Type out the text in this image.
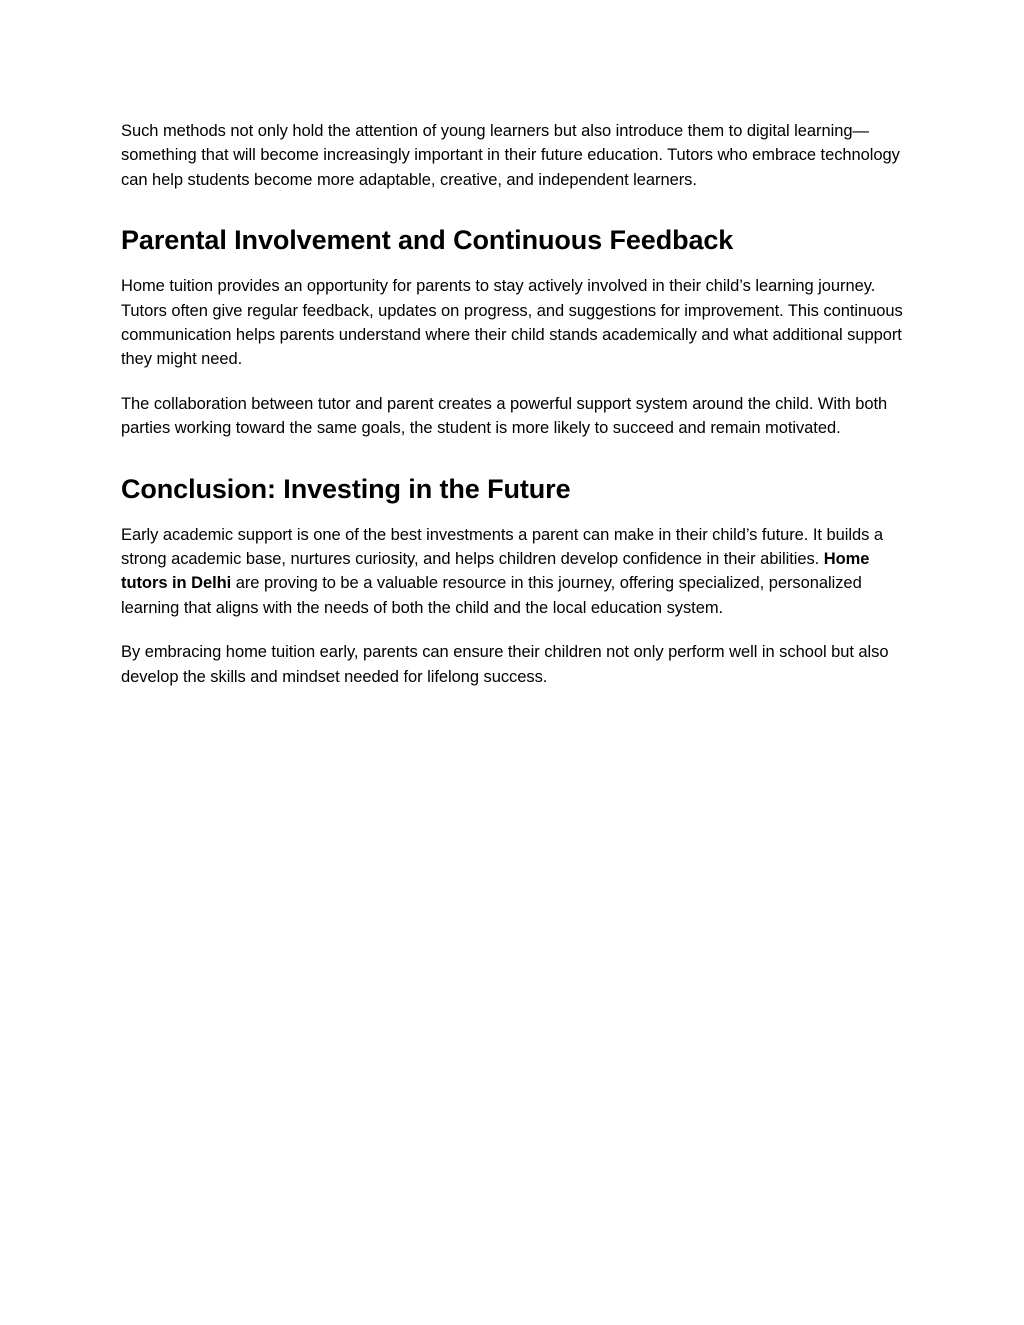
Such methods not only hold the attention of young learners but also introduce them to digital learning—something that will become increasingly important in their future education. Tutors who embrace technology can help students become more adaptable, creative, and independent learners.

Parental Involvement and Continuous Feedback

Home tuition provides an opportunity for parents to stay actively involved in their child’s learning journey. Tutors often give regular feedback, updates on progress, and suggestions for improvement. This continuous communication helps parents understand where their child stands academically and what additional support they might need.

The collaboration between tutor and parent creates a powerful support system around the child. With both parties working toward the same goals, the student is more likely to succeed and remain motivated.

Conclusion: Investing in the Future

Early academic support is one of the best investments a parent can make in their child’s future. It builds a strong academic base, nurtures curiosity, and helps children develop confidence in their abilities. Home tutors in Delhi are proving to be a valuable resource in this journey, offering specialized, personalized learning that aligns with the needs of both the child and the local education system.

By embracing home tuition early, parents can ensure their children not only perform well in school but also develop the skills and mindset needed for lifelong success.
